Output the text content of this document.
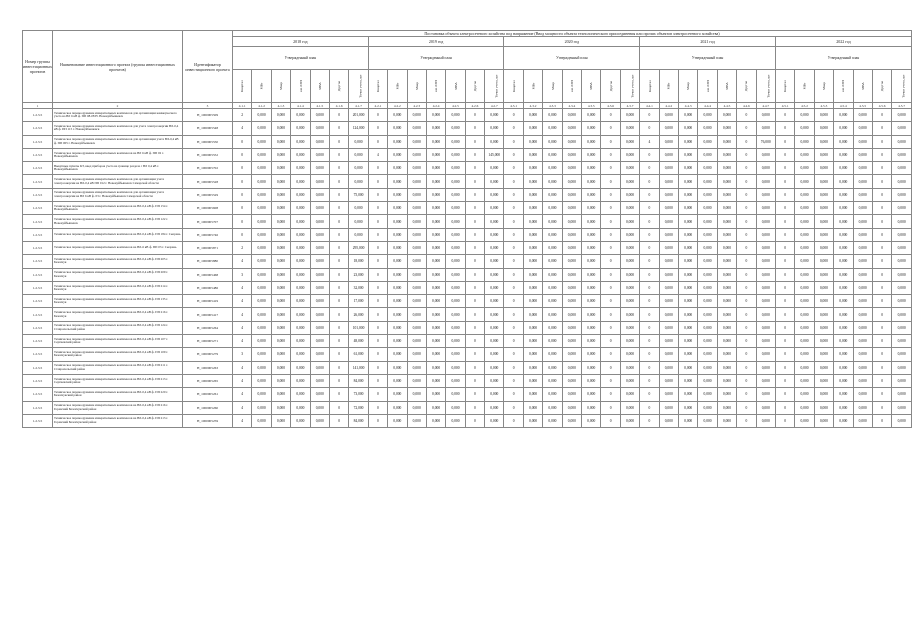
Номер группы инвестиционных проектов	Наименование инвестиционного проекта (группы инвестиционных проектов)	Идентификатор инвестиционного проекта	Постановка объекта электросетевого хозяйства под напряжение (Ввод мощности объекта технологического присоединения или прочих объектов электросетевого хозяйства)																																		
			2018 год							2019 год							2020 год							2021 год							2022 год						
			Утвержденный план							Утвержденный план							Утвержденный план							Утвержденный план							Утвержденный план						
			Квартал	МВт	Мвар	км ЛЭП	МВА	Другое	Точки учета, шт	Квартал	МВт	Мвар	км ЛЭП	МВА	Другое	Точки учета, шт	Квартал	МВт	Мвар	км ЛЭП	МВА	Другое	Точки учета, шт	Квартал	МВт	Мвар	км ЛЭП	МВА	Другое	Точки учета, шт	Квартал	МВт	Мвар	км ЛЭП	МВА	Другое	Точки учета, шт
1	2	3	4.1.1	4.1.2	4.1.3	4.1.4	4.1.5	4.1.6	4.1.7	4.2.1	4.2.2	4.2.3	4.2.4	4.2.5	4.2.6	4.2.7	4.3.1	4.3.2	4.3.3	4.3.4	4.3.5	4.3.6	4.3.7	4.4.1	4.4.2	4.4.3	4.4.4	4.4.5	4.4.6	4.4.7	4.5.1	4.5.2	4.5.3	4.5.4	4.5.5	4.5.6	4.5.7
1.2.3.5	Техническое перевооружение измерительных комплексов для организации коммерческого учета на ВЛ 6 кВ ф. ПП 08-08 Н. Новокуйбышевск	H_1000005509	2	0,000	0,000	0,000	0,000	0	201,000	0	0,000	0,000	0,000	0,000	0	0,000	0	0,000	0,000	0,000	0,000	0	0,000	0	0,000	0,000	0,000	0,000	0	0,000	0	0,000	0,000	0,000	0,000	0	0,000
1.2.3.5	Техническое перевооружение измерительных комплексов для учета электроэнергии ВЛ-0,4 кВ ф. ПП 115 г. Новокуйбышевск	H_1000005548	4	0,000	0,000	0,000	0,000	0	124,000	0	0,000	0,000	0,000	0,000	0	0,000	0	0,000	0,000	0,000	0,000	0	0,000	0	0,000	0,000	0,000	0,000	0	0,000	0	0,000	0,000	0,000	0,000	0	0,000
1.2.3.5	Техническое перевооружение измерительных комплексов для организации учета ВЛ-0,4 кВ ф. ПП 005 г. Новокуйбышевск	H_1000005550	0	0,000	0,000	0,000	0,000	0	0,000	0	0,000	0,000	0,000	0,000	0	0,000	0	0,000	0,000	0,000	0,000	0	0,000	4	0,000	0,000	0,000	0,000	0	76,000	0	0,000	0,000	0,000	0,000	0	0,000
1.2.3.5	Техническое перевооружение измерительных комплексов на ВЛ 6 кВ ф. ПП 02 г. Новокуйбышевск	H_1000005552	0	0,000	0,000	0,000	0,000	0	0,000	4	0,000	0,000	0,000	0,000	0	145,000	0	0,000	0,000	0,000	0,000	0	0,000	0	0,000	0,000	0,000	0,000	0	0,000	0	0,000	0,000	0,000	0,000	0	0,000
1.2.3.5	Выкупные пункты КТ, ввод приборов учета на границе раздела с ВЛ 0,4 кВ г. Новокуйбышевск	H_1000005702	0	0,000	0,000	0,000	0,000	0	0,000	0	0,000	0,000	0,000	0,000	0	0,000	0	0,000	0,000	0,000	0,000	0	0,000	0	0,000	0,000	0,000	0,000	0	0,000	0	0,000	0,000	0,000	0,000	0	0,000
1.2.3.5	Техническое перевооружение измерительных комплексов для организации учета электроэнергии на ВЛ-0,4 кВ ПП 012 г. Новокуйбышевск Самарской области	H_1000005528	0	0,000	0,000	0,000	0,000	0	0,000	0	0,000	0,000	0,000	0,000	0	0,000	0	0,000	0,000	0,000	0,000	0	0,000	0	0,000	0,000	0,000	0,000	0	0,000	0	0,000	0,000	0,000	0,000	0	0,000
1.2.3.5	Техническое перевооружение измерительных комплексов для организации учета электроэнергии на ВЛ 6 кВ ф. 03 г. Новокуйбышевск Самарской области	H_1000005529	0	0,000	0,000	0,000	0,000	0	75,000	0	0,000	0,000	0,000	0,000	0	0,000	0	0,000	0,000	0,000	0,000	0	0,000	0	0,000	0,000	0,000	0,000	0	0,000	0	0,000	0,000	0,000	0,000	0	0,000
1.2.3.5	Техническое перевооружение измерительных комплексов на ВЛ-0,4 кВ ф. ПП 154 г. Новокуйбышевск	H_1000005608	0	0,000	0,000	0,000	0,000	0	0,000	0	0,000	0,000	0,000	0,000	0	0,000	0	0,000	0,000	0,000	0,000	0	0,000	0	0,000	0,000	0,000	0,000	0	0,000	0	0,000	0,000	0,000	0,000	0	0,000
1.2.3.5	Техническое перевооружение измерительных комплексов на ВЛ-0,4 кВ ф. ПП 122 г. Новокуйбышевск	H_1000005707	0	0,000	0,000	0,000	0,000	0	0,000	0	0,000	0,000	0,000	0,000	0	0,000	0	0,000	0,000	0,000	0,000	0	0,000	0	0,000	0,000	0,000	0,000	0	0,000	0	0,000	0,000	0,000	0,000	0	0,000
1.2.3.5	Техническое перевооружение измерительных комплексов на ВЛ-0,4 кВ ф. ПП 184 г. Сызрань	H_1000005746	0	0,000	0,000	0,000	0,000	0	0,000	0	0,000	0,000	0,000	0,000	0	0,000	0	0,000	0,000	0,000	0,000	0	0,000	0	0,000	0,000	0,000	0,000	0	0,000	0	0,000	0,000	0,000	0,000	0	0,000
1.2.3.5	Техническое перевооружение измерительных комплексов на ВЛ-6 кВ ф. ПП 03 г. Сызрань	H_1000005871	2	0,000	0,000	0,000	0,000	0	295,000	0	0,000	0,000	0,000	0,000	0	0,000	0	0,000	0,000	0,000	0,000	0	0,000	0	0,000	0,000	0,000	0,000	0	0,000	0	0,000	0,000	0,000	0,000	0	0,000
1.2.3.5	Техническое перевооружение измерительных комплексов на ВЛ-0,4 кВ ф. ПП 205 г. Безенчук	H_1000005880	4	0,000	0,000	0,000	0,000	0	18,000	0	0,000	0,000	0,000	0,000	0	0,000	0	0,000	0,000	0,000	0,000	0	0,000	0	0,000	0,000	0,000	0,000	0	0,000	0	0,000	0,000	0,000	0,000	0	0,000
1.2.3.5	Техническое перевооружение измерительных комплексов на ВЛ-0,4 кВ ф. ПП 209 г. Безенчук	H_1000005468	3	0,000	0,000	0,000	0,000	0	23,000	0	0,000	0,000	0,000	0,000	0	0,000	0	0,000	0,000	0,000	0,000	0	0,000	0	0,000	0,000	0,000	0,000	0	0,000	0	0,000	0,000	0,000	0,000	0	0,000
1.2.3.5	Техническое перевооружение измерительных комплексов на ВЛ-0,4 кВ ф. ПП 214 г. Безенчук	H_1000005486	4	0,000	0,000	0,000	0,000	0	32,000	0	0,000	0,000	0,000	0,000	0	0,000	0	0,000	0,000	0,000	0,000	0	0,000	0	0,000	0,000	0,000	0,000	0	0,000	0	0,000	0,000	0,000	0,000	0	0,000
1.2.3.5	Техническое перевооружение измерительных комплексов на ВЛ-0,4 кВ ф. ПП 135 г. Безенчук	H_1000005419	4	0,000	0,000	0,000	0,000	0	17,000	0	0,000	0,000	0,000	0,000	0	0,000	0	0,000	0,000	0,000	0,000	0	0,000	0	0,000	0,000	0,000	0,000	0	0,000	0	0,000	0,000	0,000	0,000	0	0,000
1.2.3.5	Техническое перевооружение измерительных комплексов на ВЛ-0,4 кВ ф. ПП 216 г. Безенчук	H_1000005417	4	0,000	0,000	0,000	0,000	0	26,000	0	0,000	0,000	0,000	0,000	0	0,000	0	0,000	0,000	0,000	0,000	0	0,000	0	0,000	0,000	0,000	0,000	0	0,000	0	0,000	0,000	0,000	0,000	0	0,000
1.2.3.5	Техническое перевооружение измерительных комплексов на ВЛ-0,4 кВ ф. ПП 124 г. Ставропольский район	H_1000005264	4	0,000	0,000	0,000	0,000	0	101,000	0	0,000	0,000	0,000	0,000	0	0,000	0	0,000	0,000	0,000	0,000	0	0,000	0	0,000	0,000	0,000	0,000	0	0,000	0	0,000	0,000	0,000	0,000	0	0,000
1.2.3.5	Техническое перевооружение измерительных комплексов на ВЛ-0,4 кВ ф. ПП 107 г. Сергиевский район	H_1000005271	4	0,000	0,000	0,000	0,000	0	48,000	0	0,000	0,000	0,000	0,000	0	0,000	0	0,000	0,000	0,000	0,000	0	0,000	0	0,000	0,000	0,000	0,000	0	0,000	0	0,000	0,000	0,000	0,000	0	0,000
1.2.3.5	Техническое перевооружение измерительных комплексов на ВЛ-0,4 кВ ф. ПП 109 г. Безенчукский район	H_1000005279	3	0,000	0,000	0,000	0,000	0	61,000	0	0,000	0,000	0,000	0,000	0	0,000	0	0,000	0,000	0,000	0,000	0	0,000	0	0,000	0,000	0,000	0,000	0	0,000	0	0,000	0,000	0,000	0,000	0	0,000
1.2.3.5	Техническое перевооружение измерительных комплексов на ВЛ-0,4 кВ ф. ПП 211 г. Ставропольский район	H_1000005263	4	0,000	0,000	0,000	0,000	0	141,000	0	0,000	0,000	0,000	0,000	0	0,000	0	0,000	0,000	0,000	0,000	0	0,000	0	0,000	0,000	0,000	0,000	0	0,000	0	0,000	0,000	0,000	0,000	0	0,000
1.2.3.5	Техническое перевооружение измерительных комплексов на ВЛ-0,4 кВ ф. ПП 213 г. Сергиевский район	H_1000005265	4	0,000	0,000	0,000	0,000	0	84,000	0	0,000	0,000	0,000	0,000	0	0,000	0	0,000	0,000	0,000	0,000	0	0,000	0	0,000	0,000	0,000	0,000	0	0,000	0	0,000	0,000	0,000	0,000	0	0,000
1.2.3.5	Техническое перевооружение измерительных комплексов на ВЛ-0,4 кВ ф. ПП 220 г. Безенчукский район	H_1000005261	4	0,000	0,000	0,000	0,000	0	73,000	0	0,000	0,000	0,000	0,000	0	0,000	0	0,000	0,000	0,000	0,000	0	0,000	0	0,000	0,000	0,000	0,000	0	0,000	0	0,000	0,000	0,000	0,000	0	0,000
1.2.3.5	Техническое перевооружение измерительных комплексов на ВЛ-0,4 кВ ф. ПП 216 г. Горевский Безенчукский район	H_1000005260	4	0,000	0,000	0,000	0,000	0	72,000	0	0,000	0,000	0,000	0,000	0	0,000	0	0,000	0,000	0,000	0,000	0	0,000	0	0,000	0,000	0,000	0,000	0	0,000	0	0,000	0,000	0,000	0,000	0	0,000
1.2.3.5	Техническое перевооружение измерительных комплексов на ВЛ-0,4 кВ ф. ПП 213 г. Горевский Безенчукский район	H_1000005259	4	0,000	0,000	0,000	0,000	0	84,000	0	0,000	0,000	0,000	0,000	0	0,000	0	0,000	0,000	0,000	0,000	0	0,000	0	0,000	0,000	0,000	0,000	0	0,000	0	0,000	0,000	0,000	0,000	0	0,000
